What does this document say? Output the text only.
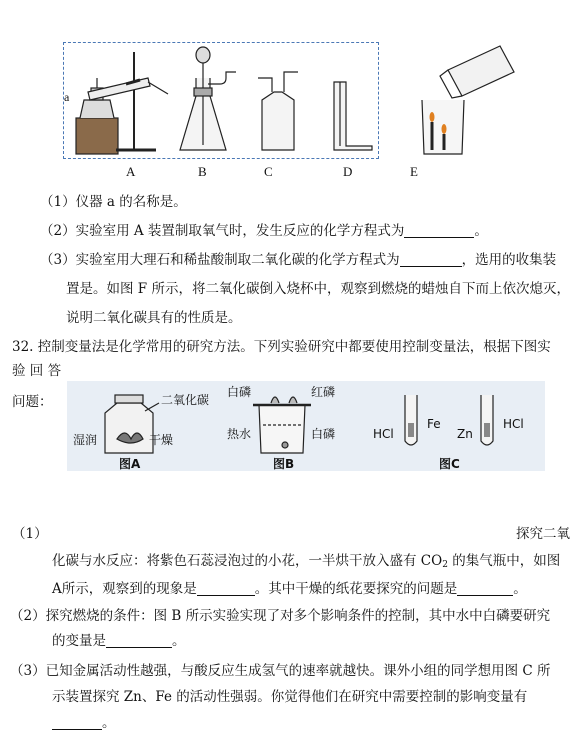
a
A	B	C	D	E
（1）仪器 a 的名称是。
（2）实验室用 A 装置制取氧气时，发生反应的化学方程式为	。
（3）实验室用大理石和稀盐酸制取二氧化碳的化学方程式为	，选用的收集装
置是。如图 F 所示，将二氧化碳倒入烧杯中，观察到燃烧的蜡烛自下而上依次熄灭，
说明二氧化碳具有的性质是。
32. 控制变量法是化学常用的研究方法。下列实验研究中都要使用控制变量法，根据下图实
验 回 答
问题：	二氧化碳
湿润	干燥
图A
白磷	红磷
热水	白磷
图B
HCl
Fe
Zn
HCl
图C
（1）	探究二氧
化碳与水反应：将紫色石蕊浸泡过的小花，一半烘干放入盛有 $CO_2$ 的集气瓶中，如图
A所示，观察到的现象是	。其中干燥的纸花要探究的问题是	。
（2）探究燃烧的条件：图 B 所示实验实现了对多个影响条件的控制，其中水中白磷要研究
的变量是	。
（3）已知金属活动性越强，与酸反应生成氢气的速率就越快。课外小组的同学想用图 C 所
示装置探究 Zn、Fe 的活动性强弱。你觉得他们在研究中需要控制的影响变量有
。
